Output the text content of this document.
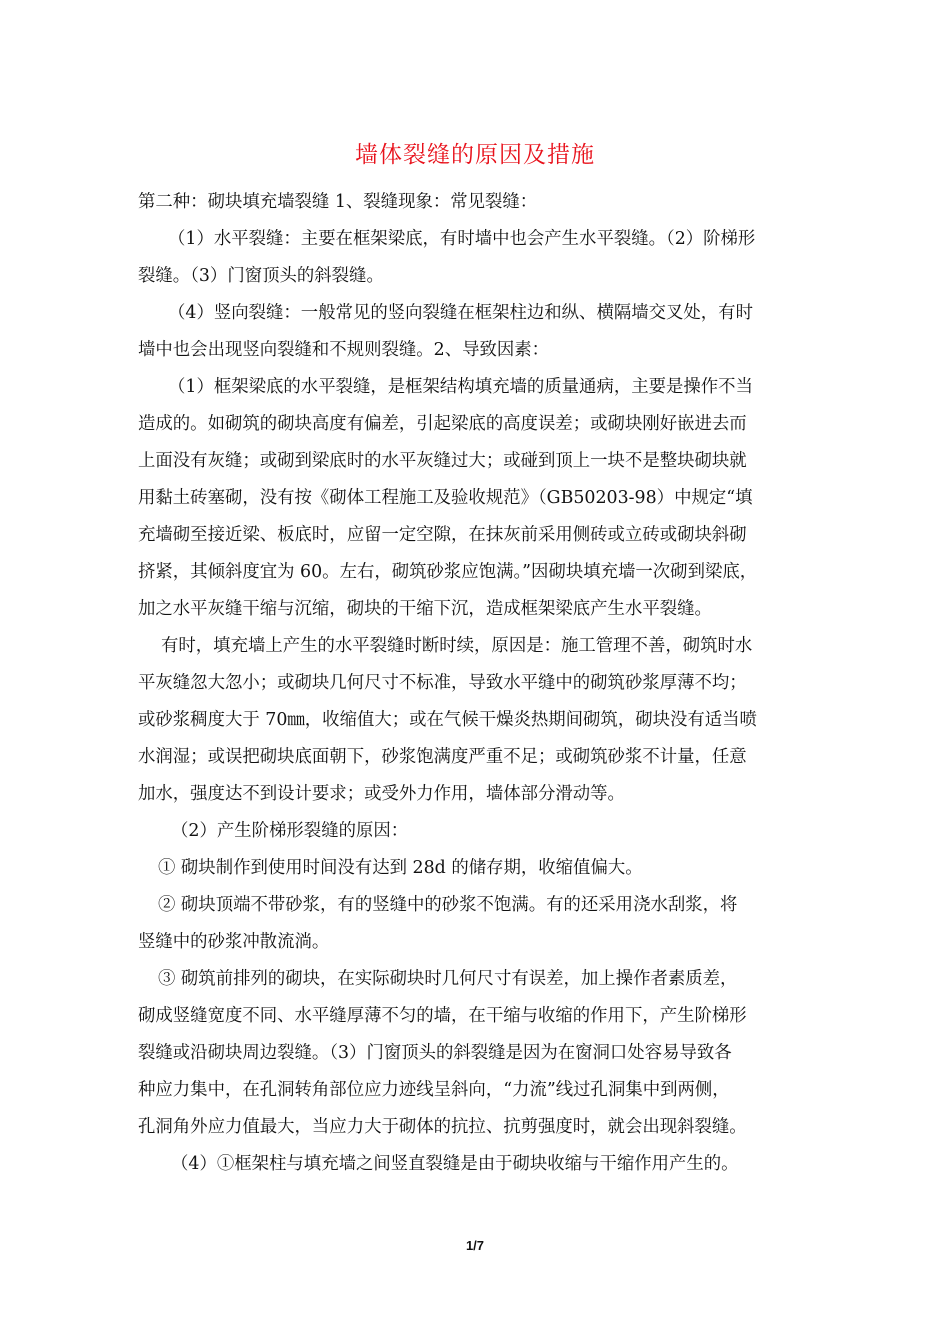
墙体裂缝的原因及措施
第二种：砌块填充墙裂缝 1、裂缝现象：常见裂缝：
（1）水平裂缝：主要在框架梁底，有时墙中也会产生水平裂缝。（2）阶梯形
裂缝。（3）门窗顶头的斜裂缝。
（4）竖向裂缝：一般常见的竖向裂缝在框架柱边和纵、横隔墙交叉处，有时
墙中也会出现竖向裂缝和不规则裂缝。2、导致因素：
（1）框架梁底的水平裂缝，是框架结构填充墙的质量通病，主要是操作不当
造成的。如砌筑的砌块高度有偏差，引起梁底的高度误差；或砌块刚好嵌进去而
上面没有灰缝；或砌到梁底时的水平灰缝过大；或碰到顶上一块不是整块砌块就
用黏土砖塞砌，没有按《砌体工程施工及验收规范》（GB50203-98）中规定“填
充墙砌至接近梁、板底时，应留一定空隙，在抹灰前采用侧砖或立砖或砌块斜砌
挤紧，其倾斜度宜为 60。左右，砌筑砂浆应饱满。”因砌块填充墙一次砌到梁底，
加之水平灰缝干缩与沉缩，砌块的干缩下沉，造成框架梁底产生水平裂缝。
有时，填充墙上产生的水平裂缝时断时续，原因是：施工管理不善，砌筑时水
平灰缝忽大忽小；或砌块几何尺寸不标准，导致水平缝中的砌筑砂浆厚薄不均；
或砂浆稠度大于 70㎜，收缩值大；或在气候干燥炎热期间砌筑，砌块没有适当喷
水润湿；或误把砌块底面朝下，砂浆饱满度严重不足；或砌筑砂浆不计量，任意
加水，强度达不到设计要求；或受外力作用，墙体部分滑动等。
（2）产生阶梯形裂缝的原因：
① 砌块制作到使用时间没有达到 28d 的储存期，收缩值偏大。
② 砌块顶端不带砂浆，有的竖缝中的砂浆不饱满。有的还采用浇水刮浆，将
竖缝中的砂浆冲散流淌。
③ 砌筑前排列的砌块，在实际砌块时几何尺寸有误差，加上操作者素质差，
砌成竖缝宽度不同、水平缝厚薄不匀的墙，在干缩与收缩的作用下，产生阶梯形
裂缝或沿砌块周边裂缝。（3）门窗顶头的斜裂缝是因为在窗洞口处容易导致各
种应力集中，在孔洞转角部位应力迹线呈斜向，“力流”线过孔洞集中到两侧，
孔洞角外应力值最大，当应力大于砌体的抗拉、抗剪强度时，就会出现斜裂缝。
（4）①框架柱与填充墙之间竖直裂缝是由于砌块收缩与干缩作用产生的。
1/7
